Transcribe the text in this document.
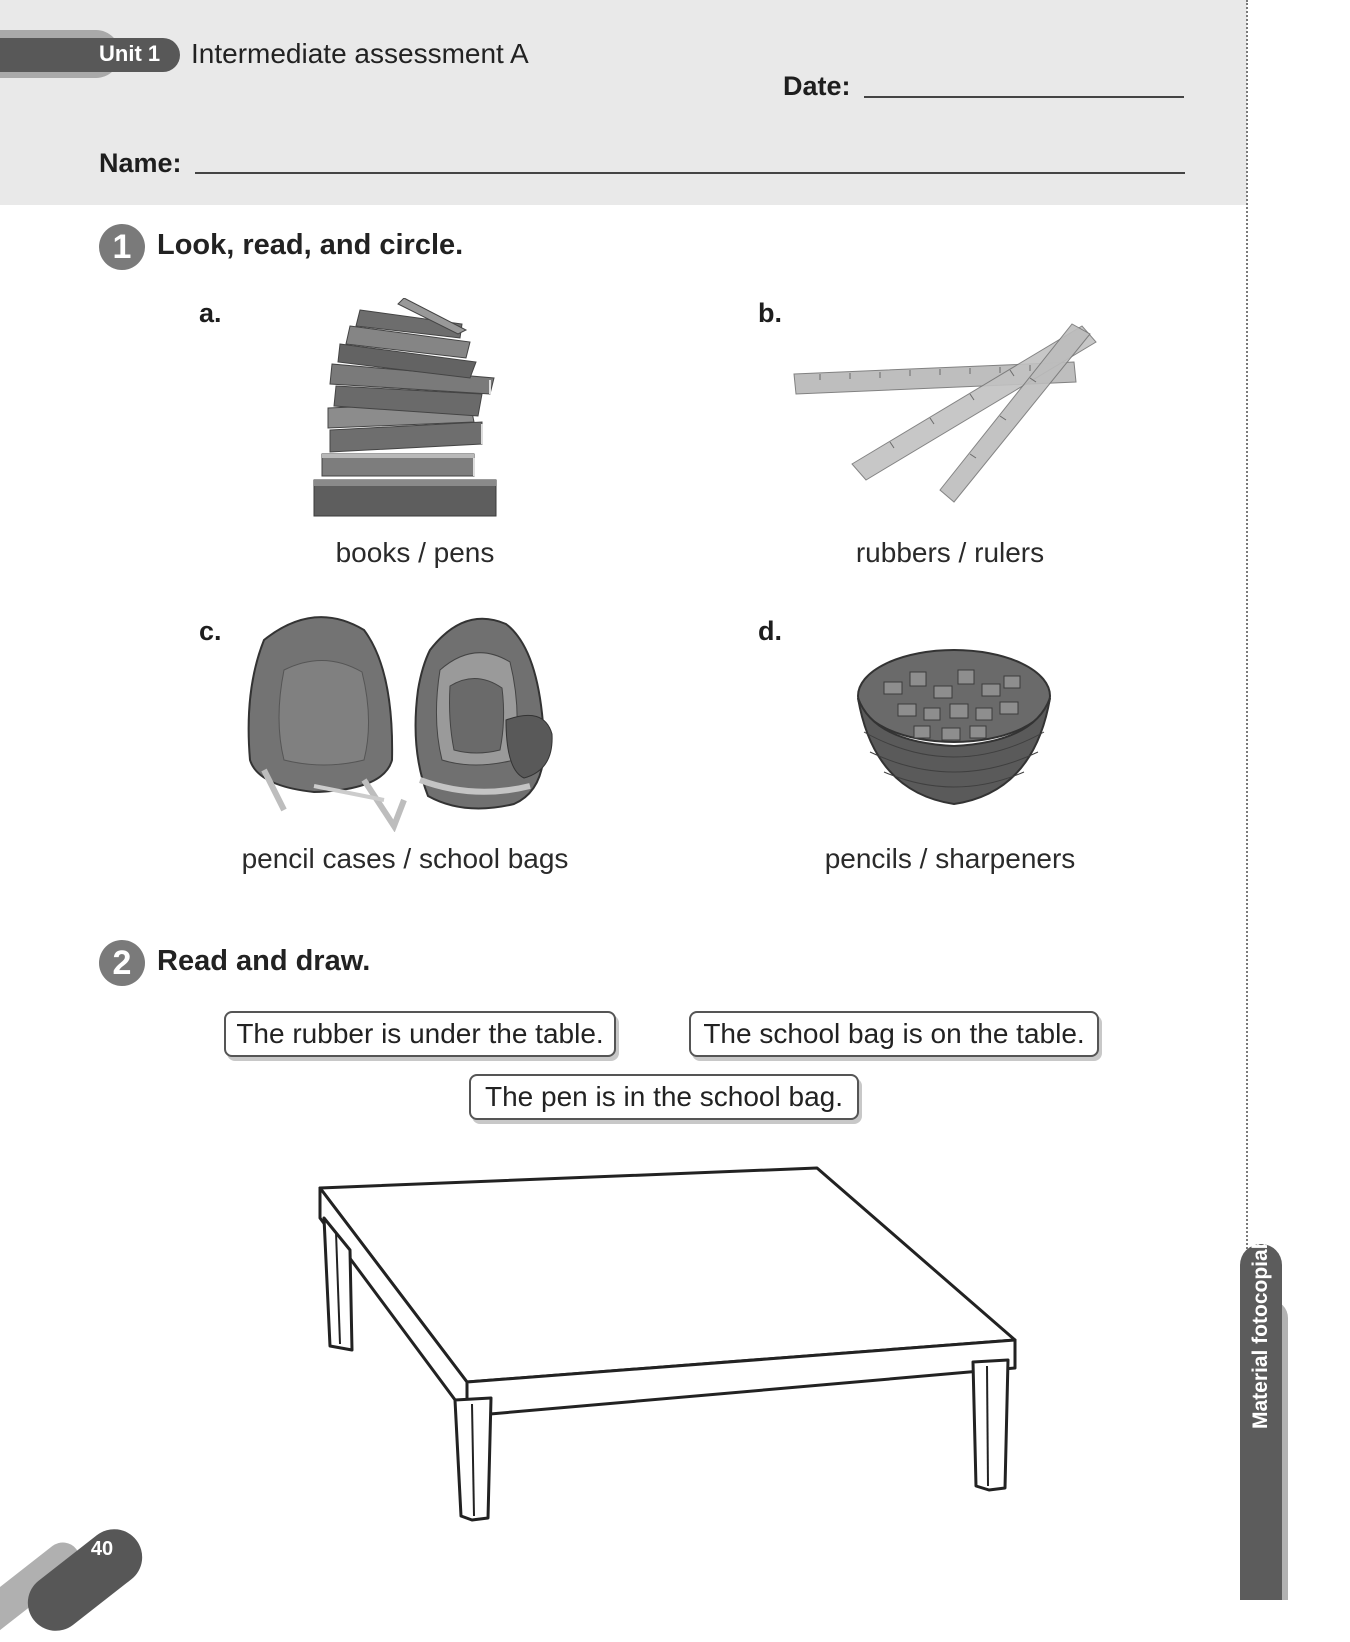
Unit 1 Intermediate assessment A
Date:
Name:
1 Look, read, and circle.
a.
books / pens
b.
rubbers / rulers
c.
pencil cases / school bags
d.
pencils / sharpeners
2 Read and draw.
The rubber is under the table.	The school bag is on the table.
The pen is in the school bag.
Material fotocopiable
40
